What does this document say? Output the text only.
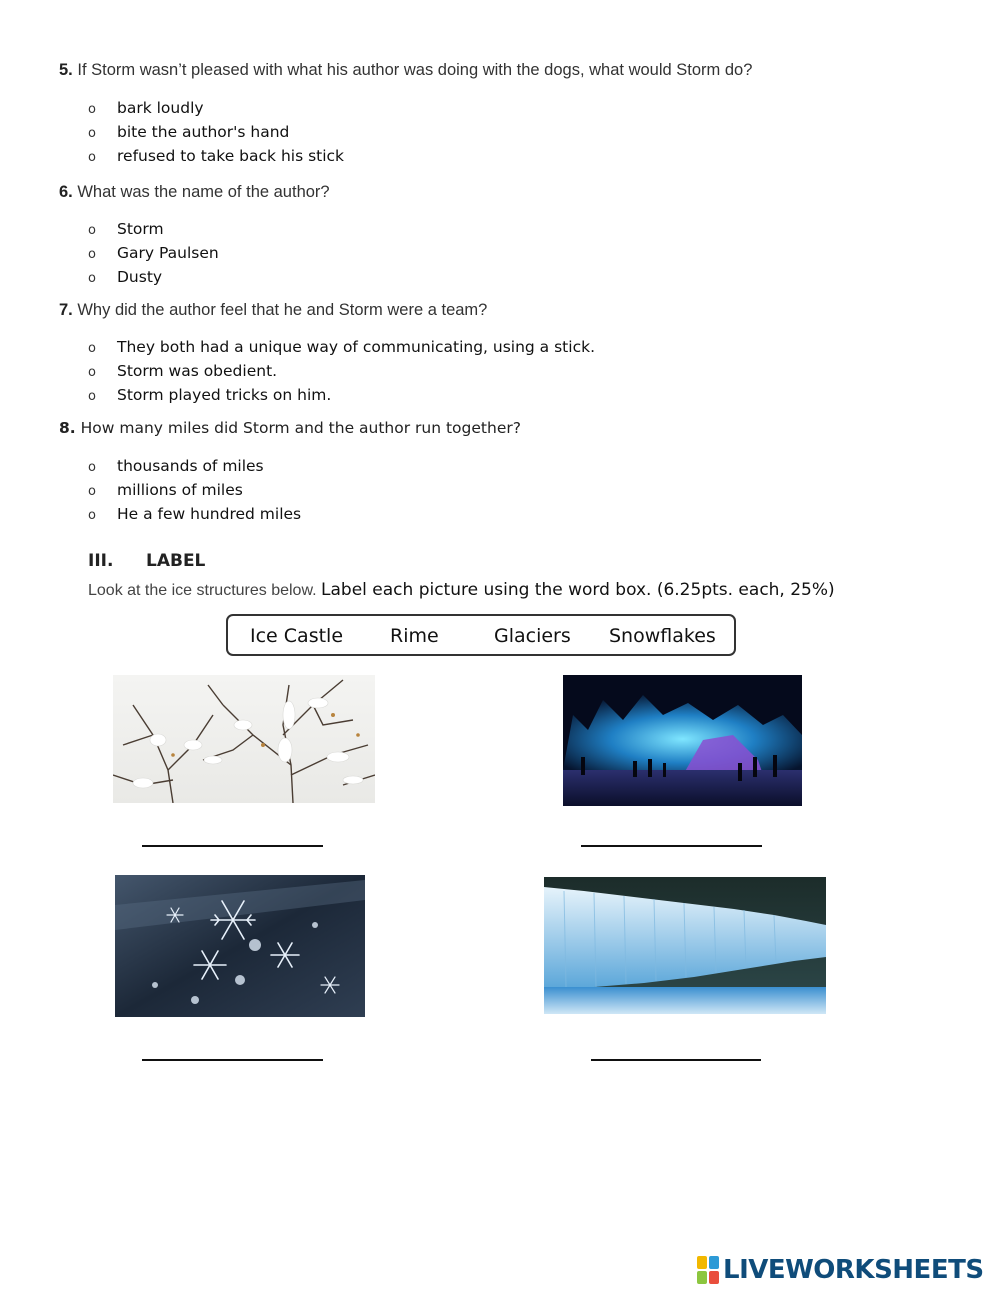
5. If Storm wasn’t pleased with what his author was doing with the dogs, what would Storm do?
o bark loudly
o bite the author's hand
o refused to take back his stick
6. What was the name of the author?
o Storm
o Gary Paulsen
o Dusty
7. Why did the author feel that he and Storm were a team?
o They both had a unique way of communicating, using a stick.
o Storm was obedient.
o Storm played tricks on him.
8. How many miles did Storm and the author run together?
o thousands of miles
o millions of miles
o He a few hundred miles
III. LABEL
Look at the ice structures below. Label each picture using the word box. (6.25pts. each, 25%)
Ice Castle Rime	Glaciers Snowflakes
LIVEWORKSHEETS
